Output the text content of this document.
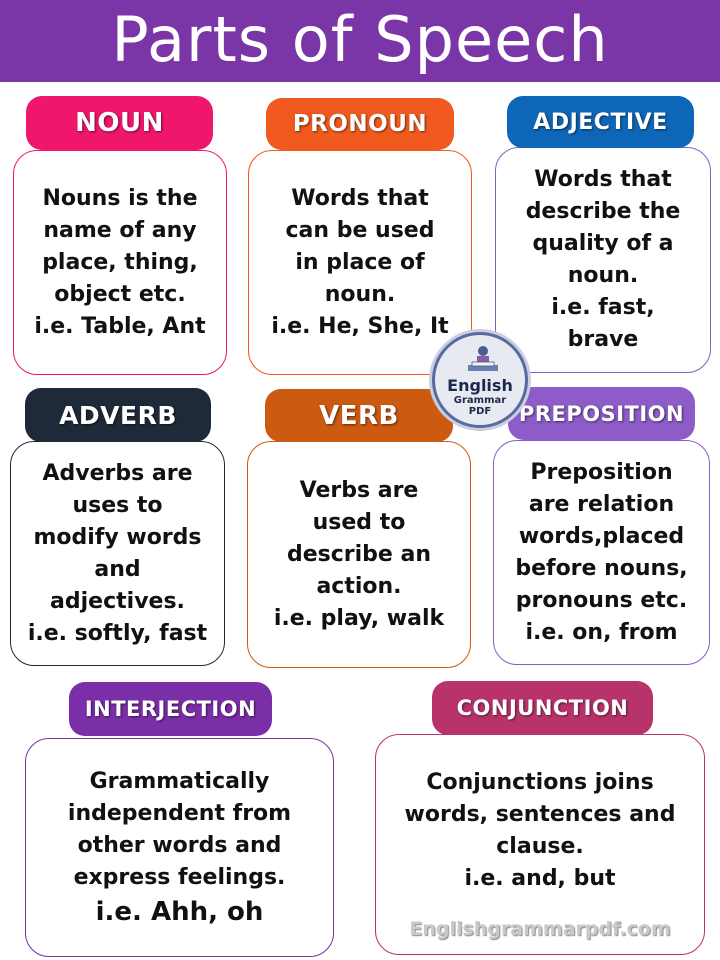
Parts of Speech
Nouns is the
name of any
place, thing,
object etc.
i.e. Table, Ant
NOUN
Words that
can be used
in place of
noun.
i.e. He, She, It
PRONOUN
Words that
describe the
quality of a
noun.
i.e. fast,
brave
ADJECTIVE
Adverbs are
uses to
modify words
and
adjectives.
i.e. softly, fast
ADVERB
Verbs are
used to
describe an
action.
i.e. play, walk
VERB
Preposition
are relation
words,placed
before nouns,
pronouns etc.
i.e. on, from
PREPOSITION
Grammatically
independent from
other words and
express feelings.
i.e. Ahh, oh
INTERJECTION
Conjunctions joins
words, sentences and
clause.
i.e. and, but
CONJUNCTION
English
Grammar
PDF
Englishgrammarpdf.com
